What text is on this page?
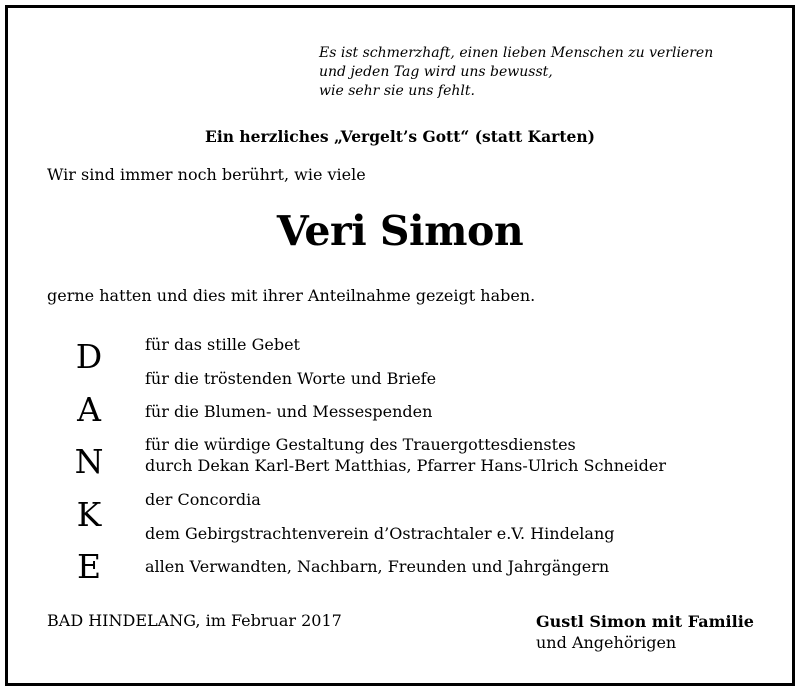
Es ist schmerzhaft, einen lieben Menschen zu verlieren
und jeden Tag wird uns bewusst,
wie sehr sie uns fehlt.
Ein herzliches „Vergelt’s Gott“ (statt Karten)
Wir sind immer noch berührt, wie viele
Veri Simon
gerne hatten und dies mit ihrer Anteilnahme gezeigt haben.
D
A
N
K
E
für das stille Gebet
für die tröstenden Worte und Briefe
für die Blumen- und Messespenden
für die würdige Gestaltung des Trauergottesdienstes
durch Dekan Karl-Bert Matthias, Pfarrer Hans-Ulrich Schneider
der Concordia
dem Gebirgstrachtenverein d’Ostrachtaler e.V. Hindelang
allen Verwandten, Nachbarn, Freunden und Jahrgängern
BAD HINDELANG, im Februar 2017	Gustl Simon mit Familie
und Angehörigen
